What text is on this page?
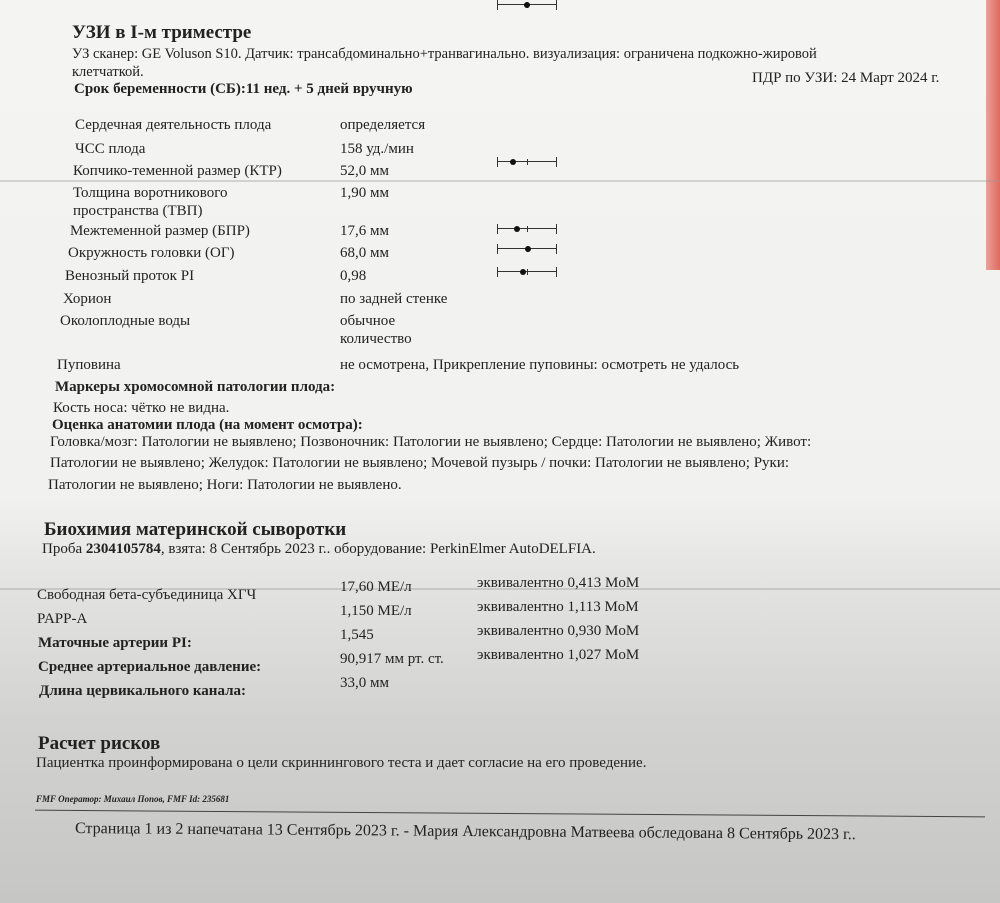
УЗИ в I-м триместре
УЗ сканер: GE Voluson S10. Датчик: трансабдоминально+транвагинально. визуализация: ограничена подкожно-жировой
клетчаткой.	ПДР по УЗИ: 24 Март 2024 г.
Срок беременности (СБ):11 нед. + 5 дней вручную
Сердечная деятельность плода	определяется
ЧСС плода	158 уд./мин
Копчико-теменной размер (КТР)	52,0 мм
Толщина воротникового	1,90 мм
пространства (ТВП)
Межтеменной размер (БПР)	17,6 мм
Окружность головки (ОГ)	68,0 мм
Венозный проток PI	0,98
Хорион	по задней стенке
Околоплодные воды	обычное
количество
Пуповина	не осмотрена, Прикрепление пуповины: осмотреть не удалось
Маркеры хромосомной патологии плода:
Кость носа: чётко не видна.
Оценка анатомии плода (на момент осмотра):
Головка/мозг: Патологии не выявлено; Позвоночник: Патологии не выявлено; Сердце: Патологии не выявлено; Живот:
Патологии не выявлено; Желудок: Патологии не выявлено; Мочевой пузырь / почки: Патологии не выявлено; Руки:
Патологии не выявлено; Ноги: Патологии не выявлено.
Биохимия материнской сыворотки
Проба 2304105784, взята: 8 Сентябрь 2023 г.. оборудование: PerkinElmer AutoDELFIA.
Свободная бета-субъединица ХГЧ	17,60 МЕ/л	эквивалентно 0,413 MoM
PAPP-A	1,150 МЕ/л	эквивалентно 1,113 MoM
Маточные артерии PI:	1,545	эквивалентно 0,930 MoM
Среднее артериальное давление:	90,917 мм рт. ст. эквивалентно 1,027 MoM
Длина цервикального канала:	33,0 мм
Расчет рисков
Пациентка проинформирована о цели скриннингового теста и дает согласие на его проведение.
FMF Оператор: Михаил Попов, FMF Id: 235681
Страница 1 из 2 напечатана 13 Сентябрь 2023 г. - Мария Александровна Матвеева обследована 8 Сентябрь 2023 г..
